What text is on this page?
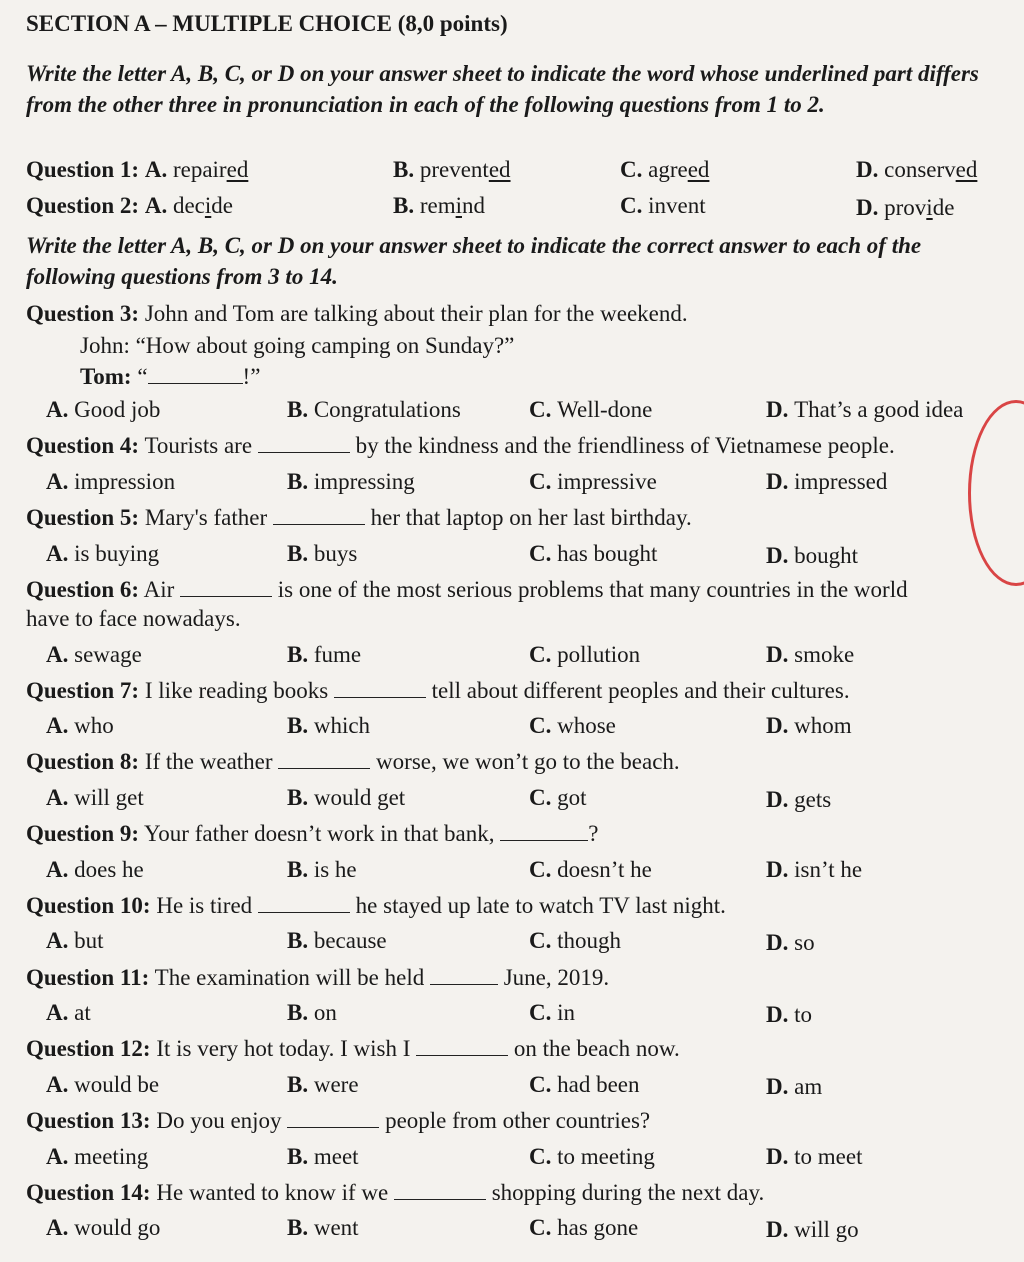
SECTION A – MULTIPLE CHOICE (8,0 points)
Write the letter A, B, C, or D on your answer sheet to indicate the word whose underlined part differs from the other three in pronunciation in each of the following questions from 1 to 2.
Question 1: A. repaired	B. prevented	C. agreed	D. conserved
Question 2: A. decide	B. remind	C. invent	D. provide
Write the letter A, B, C, or D on your answer sheet to indicate the correct answer to each of the following questions from 3 to 14.
Question 3: John and Tom are talking about their plan for the weekend.
John: “How about going camping on Sunday?”
Tom: “	!”
A. Good job	B. Congratulations	C. Well-done	D. That’s a good idea
Question 4: Tourists are	by the kindness and the friendliness of Vietnamese people.
A. impression	B. impressing	C. impressive	D. impressed
Question 5: Mary's father	her that laptop on her last birthday.
A. is buying	B. buys	C. has bought	D. bought
Question 6: Air	is one of the most serious problems that many countries in the world
have to face nowadays.
A. sewage	B. fume	C. pollution	D. smoke
Question 7: I like reading books	tell about different peoples and their cultures.
A. who	B. which	C. whose	D. whom
Question 8: If the weather	worse, we won’t go to the beach.
A. will get	B. would get	C. got	D. gets
Question 9: Your father doesn’t work in that bank,	?
A. does he	B. is he	C. doesn’t he	D. isn’t he
Question 10: He is tired	he stayed up late to watch TV last night.
A. but	B. because	C. though	D. so
Question 11: The examination will be held	June, 2019.
A. at	B. on	C. in	D. to
Question 12: It is very hot today. I wish I	on the beach now.
A. would be	B. were	C. had been	D. am
Question 13: Do you enjoy	people from other countries?
A. meeting	B. meet	C. to meeting	D. to meet
Question 14: He wanted to know if we	shopping during the next day.
A. would go	B. went	C. has gone	D. will go
